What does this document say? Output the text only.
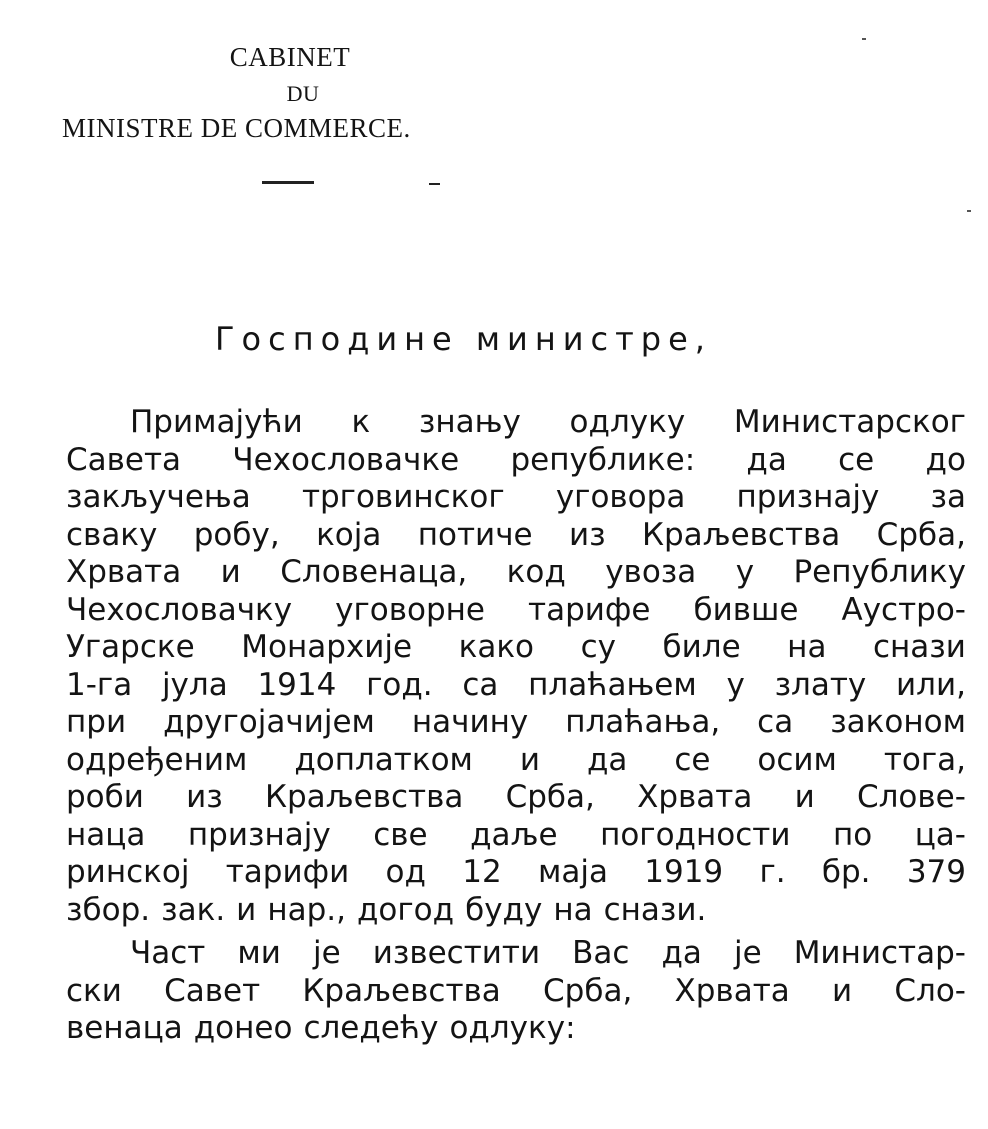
CABINET
DU
MINISTRE DE COMMERCE.
Господине министре,
Примајући к знању одлуку Министарског
Савета Чехословачке републике: да се до
закључења трговинског уговора признају за
сваку робу, која потиче из Краљевства Срба,
Хрвата и Словенаца, код увоза у Републику
Чехословачку уговорне тарифе бивше Аустро-
Угарске Монархије како су биле на снази
1-га јула 1914 год. са плаћањем у злату или,
при другојачијем начину плаћања, са законом
одређеним доплатком и да се осим тога,
роби из Краљевства Срба, Хрвата и Слове-
наца признају све даље погодности по ца-
ринској тарифи од 12 маја 1919 г. бр. 379
збор. зак. и нар., догод буду на снази.
Част ми је известити Вас да је Министар-
ски Савет Краљевства Срба, Хрвата и Сло-
венаца донео следећу одлуку:
